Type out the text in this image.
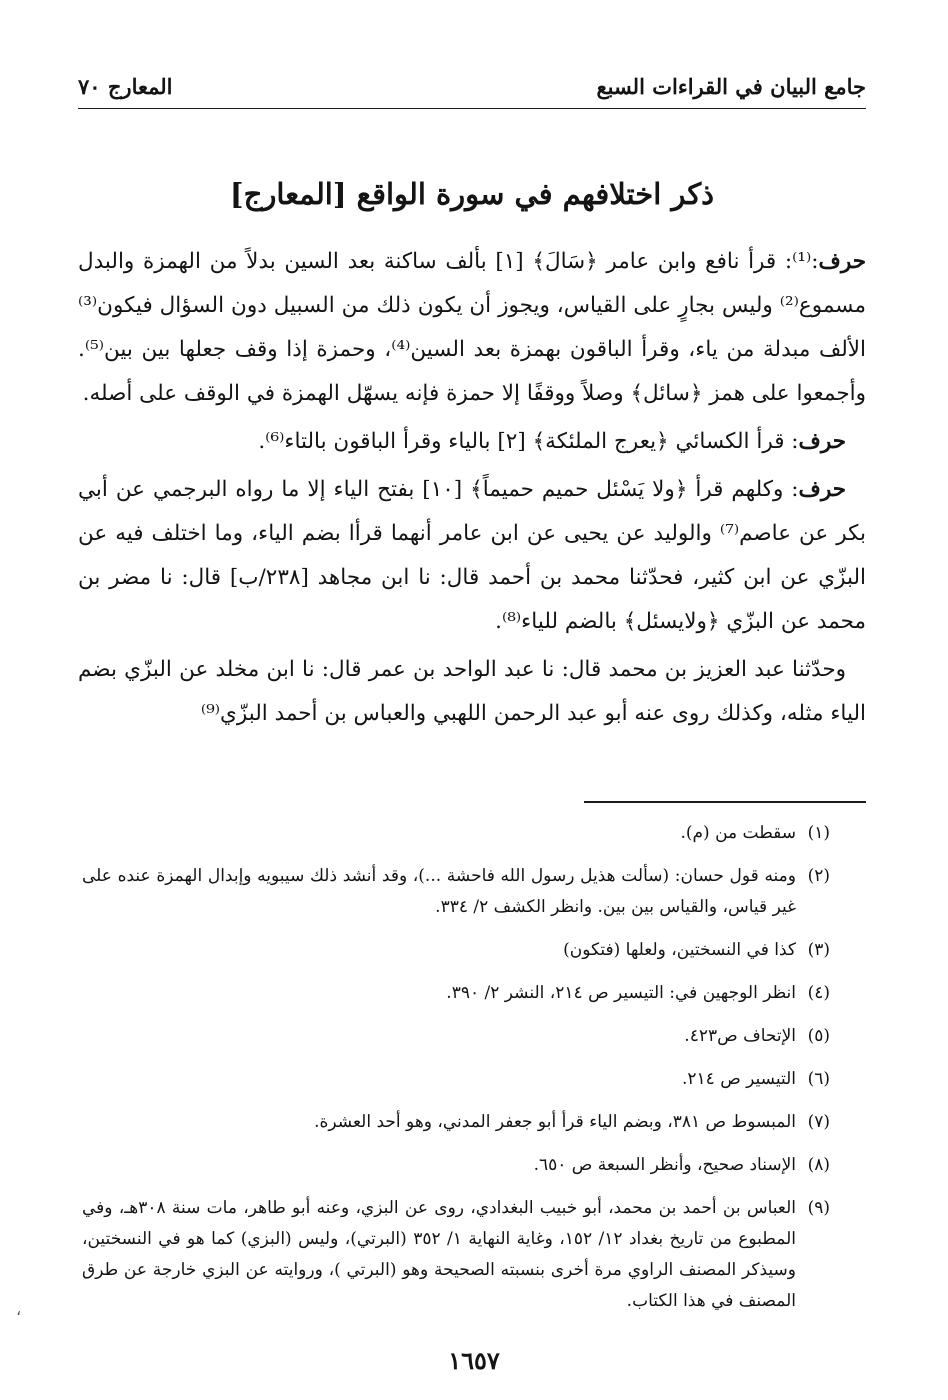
جامع البيان في القراءات السبع
المعارج ٧٠
ذكر اختلافهم في سورة الواقع [المعارج]

حرف:⁽¹⁾: قرأ نافع وابن عامر ﴿سَالَ﴾ [١] بألف ساكنة بعد السين بدلاً من الهمزة والبدل مسموع⁽²⁾ وليس بجارٍ على القياس، ويجوز أن يكون ذلك من السبيل دون السؤال فيكون⁽³⁾ الألف مبدلة من ياء، وقرأ الباقون بهمزة بعد السين⁽⁴⁾، وحمزة إذا وقف جعلها بين بين⁽⁵⁾. وأجمعوا على همز ﴿سائل﴾ وصلاً ووقفًا إلا حمزة فإنه يسهّل الهمزة في الوقف على أصله.

حرف: قرأ الكسائي ﴿يعرج الملئكة﴾ [٢] بالياء وقرأ الباقون بالتاء⁽⁶⁾.

حرف: وكلهم قرأ ﴿ولا يَسْئل حميم حميماً﴾ [١٠] بفتح الياء إلا ما رواه البرجمي عن أبي بكر عن عاصم⁽⁷⁾ والوليد عن يحيى عن ابن عامر أنهما قرأا بضم الياء، وما اختلف فيه عن البزّي عن ابن كثير، فحدّثنا محمد بن أحمد قال: نا ابن مجاهد [٢٣٨/ب] قال: نا مضر بن محمد عن البزّي ﴿ولايسئل﴾ بالضم للياء⁽⁸⁾.

وحدّثنا عبد العزيز بن محمد قال: نا عبد الواحد بن عمر قال: نا ابن مخلد عن البزّي بضم الياء مثله، وكذلك روى عنه أبو عبد الرحمن اللهبي والعباس بن أحمد البزّي⁽⁹⁾

(١)
سقطت من (م).

(٢)
ومنه قول حسان: (سألت هذيل رسول الله فاحشة ...)، وقد أنشد ذلك سيبويه وإبدال الهمزة عنده على غير قياس، والقياس بين بين. وانظر الكشف ٢/ ٣٣٤.

(٣)
كذا في النسختين، ولعلها (فتكون)

(٤)
انظر الوجهين في: التيسير ص ٢١٤، النشر ٢/ ٣٩٠.

(٥)
الإتحاف ص٤٢٣.

(٦)
التيسير ص ٢١٤.

(٧)
المبسوط ص ٣٨١، وبضم الياء قرأ أبو جعفر المدني، وهو أحد العشرة.

(٨)
الإسناد صحيح، وأنظر السبعة ص ٦٥٠.

(٩)
العباس بن أحمد بن محمد، أبو خبيب البغدادي، روى عن البزي، وعنه أبو طاهر، مات سنة ٣٠٨هـ، وفي المطبوع من تاريخ بغداد ١٢/ ١٥٢، وغاية النهاية ١/ ٣٥٢ (البرتي)، وليس (البزي) كما هو في النسختين، وسيذكر المصنف الراوي مرة أخرى بنسبته الصحيحة وهو (البرتي )، وروايته عن البزي خارجة عن طرق المصنف في هذا الكتاب.

١٦٥٧
،
